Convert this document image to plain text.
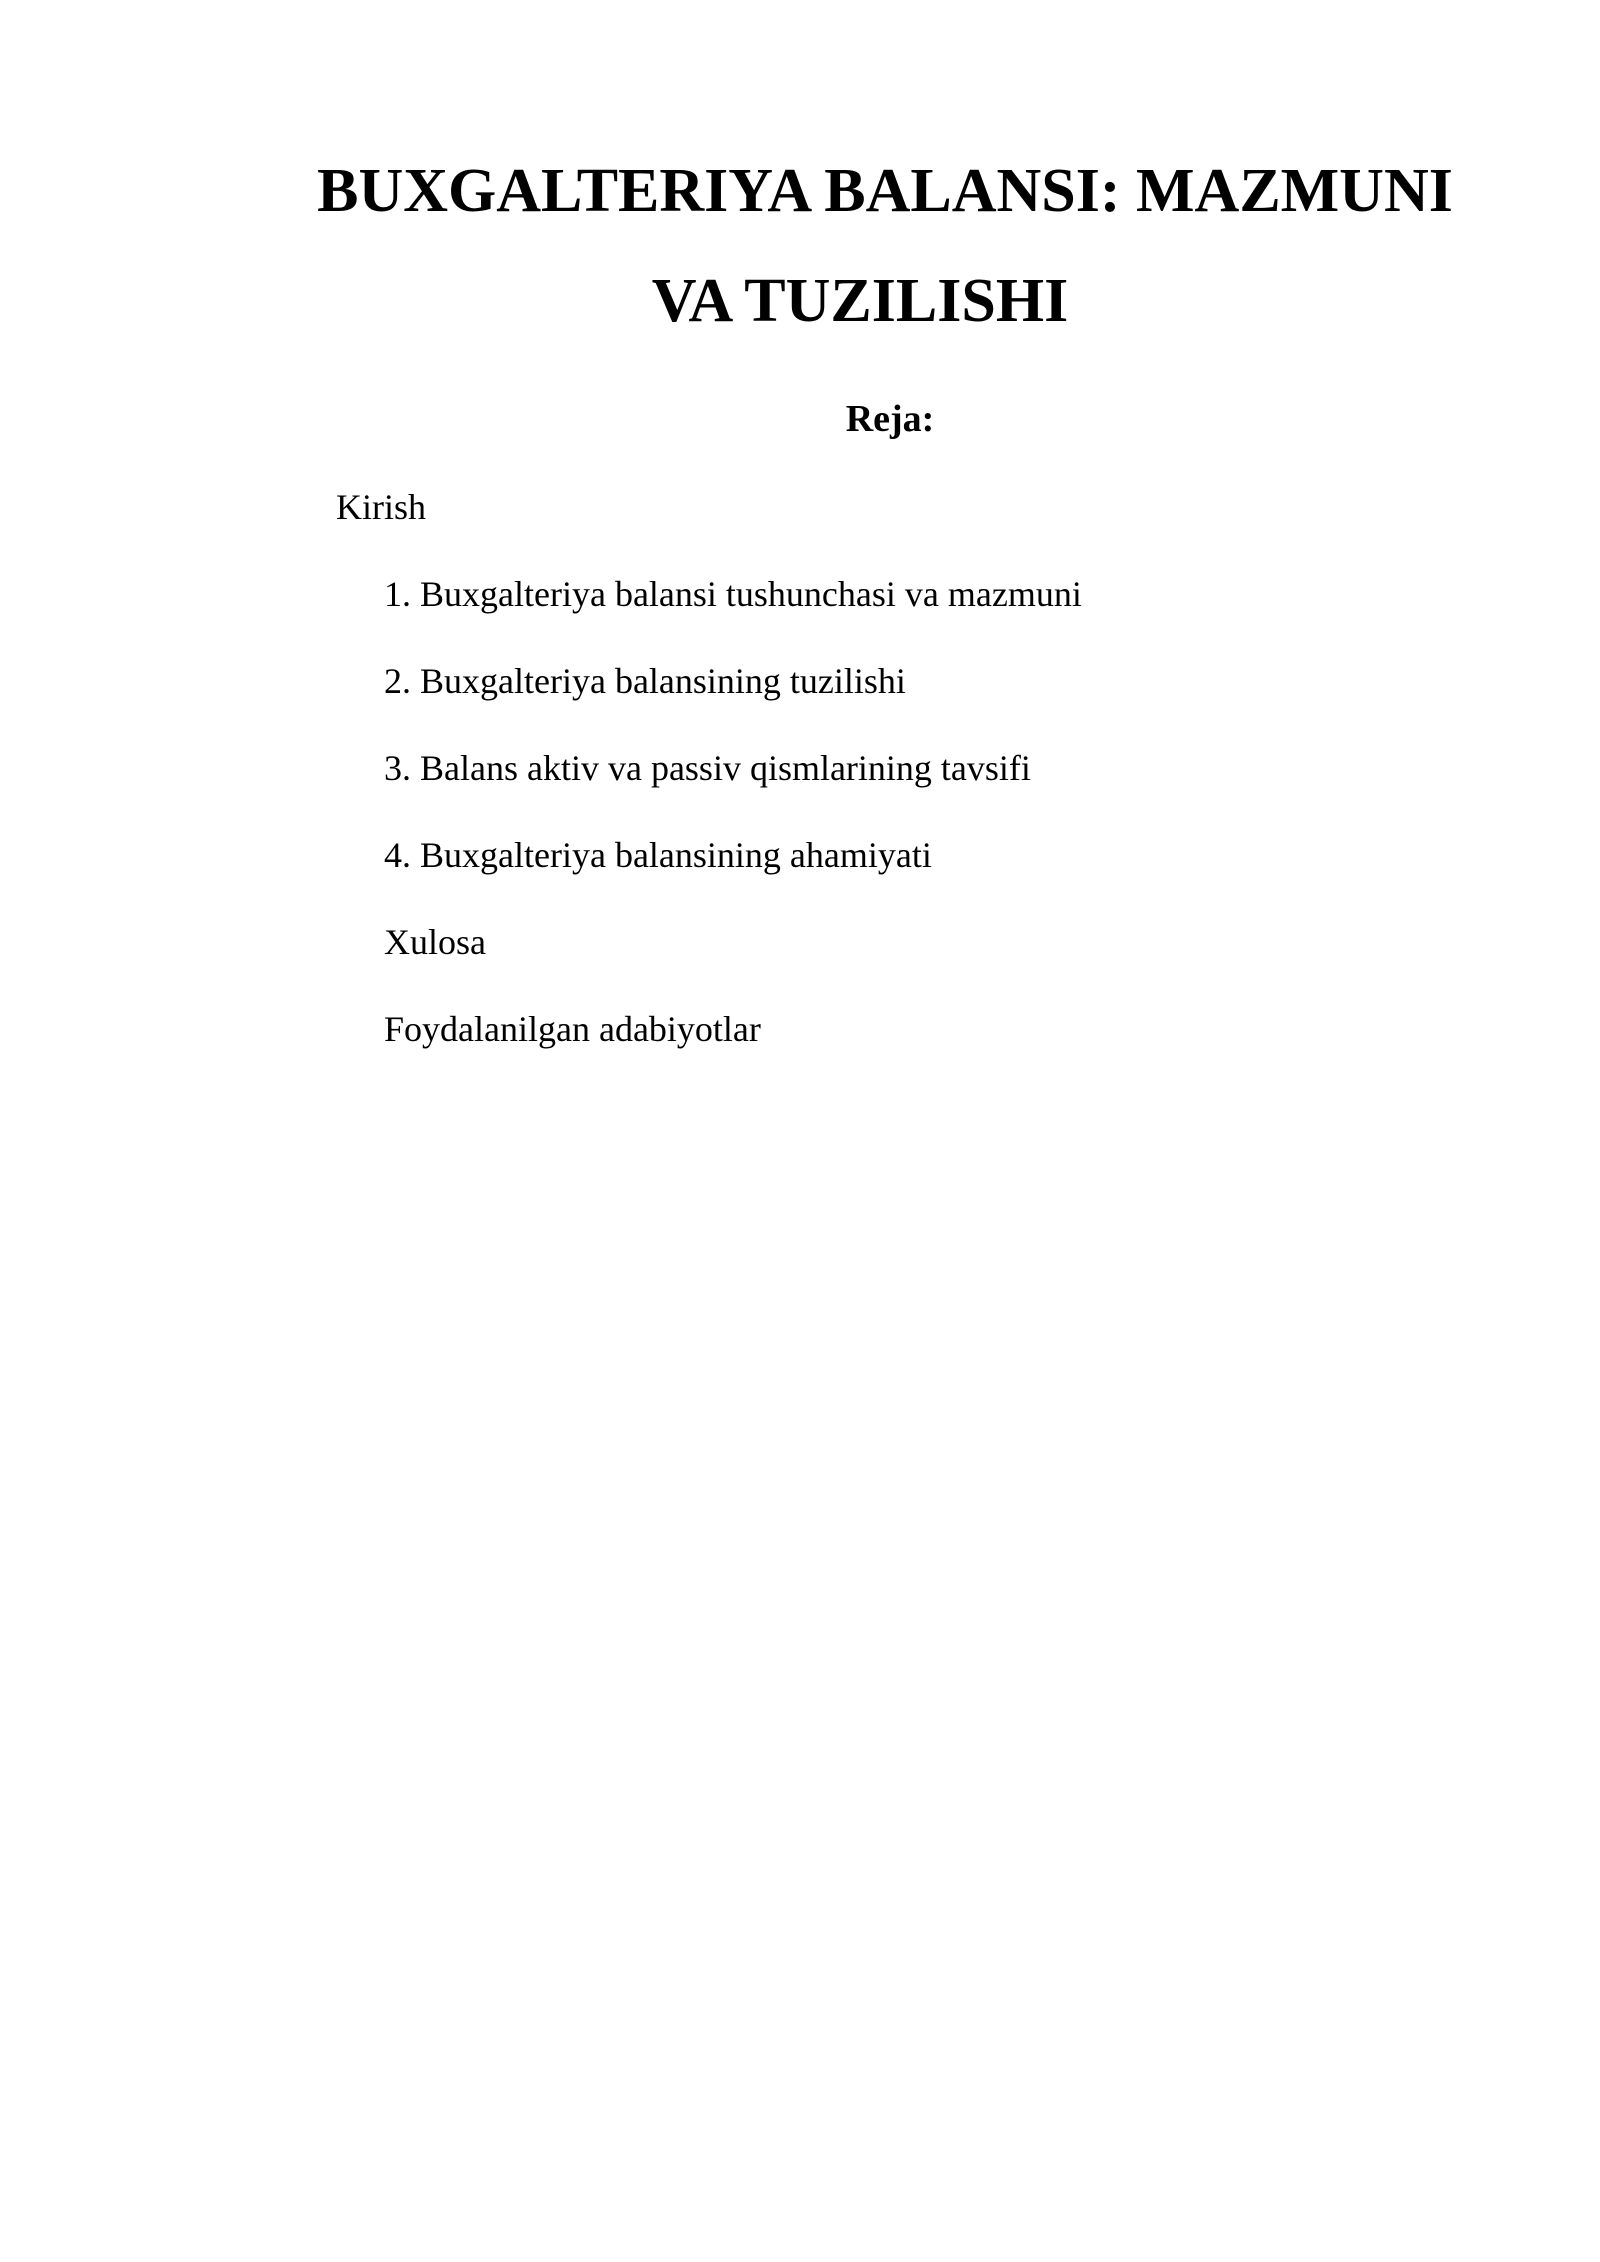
BUXGALTERIYA BALANSI: MAZMUNI
VA TUZILISHI
Reja:
Kirish
1. Buxgalteriya balansi tushunchasi va mazmuni
2. Buxgalteriya balansining tuzilishi
3. Balans aktiv va passiv qismlarining tavsifi
4. Buxgalteriya balansining ahamiyati
Xulosa
Foydalanilgan adabiyotlar
